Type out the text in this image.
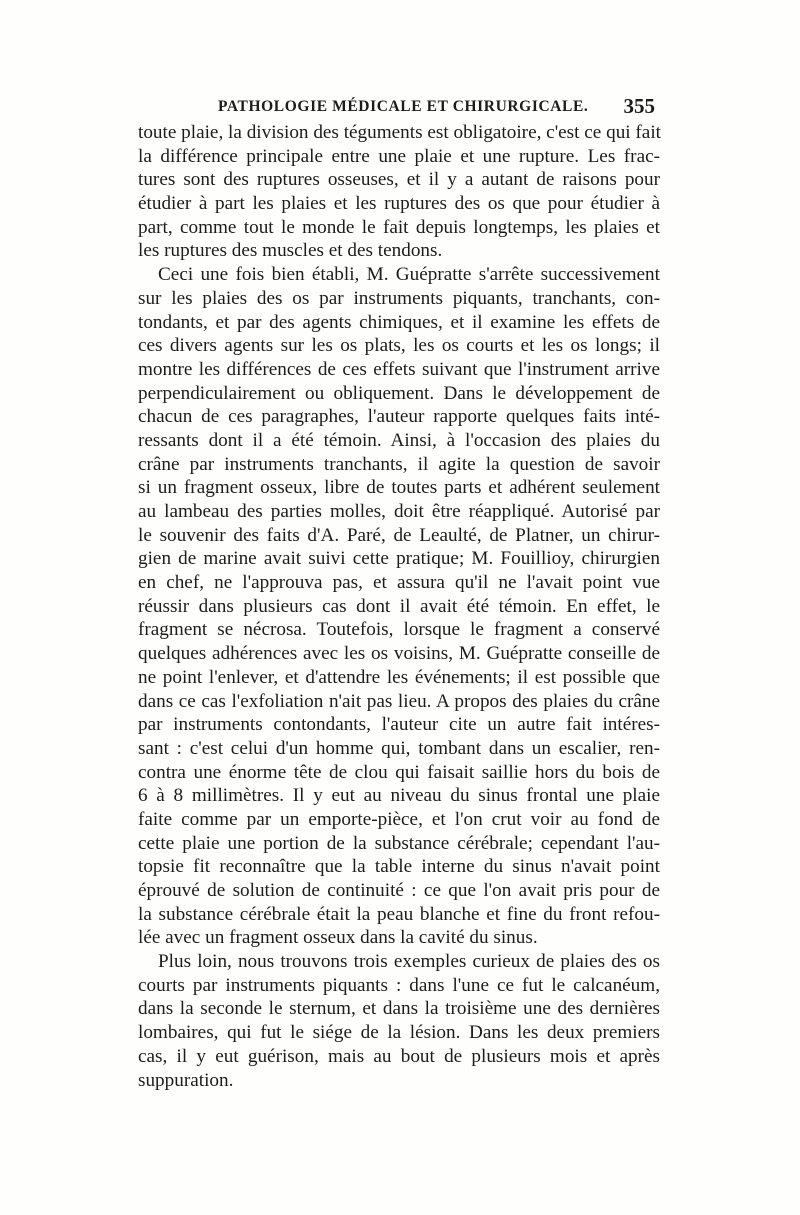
PATHOLOGIE MÉDICALE ET CHIRURGICALE. 355
toute plaie, la division des téguments est obligatoire, c'est ce qui fait
la différence principale entre une plaie et une rupture. Les frac-
tures sont des ruptures osseuses, et il y a autant de raisons pour
étudier à part les plaies et les ruptures des os que pour étudier à
part, comme tout le monde le fait depuis longtemps, les plaies et
les ruptures des muscles et des tendons.
Ceci une fois bien établi, M. Guépratte s'arrête successivement
sur les plaies des os par instruments piquants, tranchants, con-
tondants, et par des agents chimiques, et il examine les effets de
ces divers agents sur les os plats, les os courts et les os longs; il
montre les différences de ces effets suivant que l'instrument arrive
perpendiculairement ou obliquement. Dans le développement de
chacun de ces paragraphes, l'auteur rapporte quelques faits inté-
ressants dont il a été témoin. Ainsi, à l'occasion des plaies du
crâne par instruments tranchants, il agite la question de savoir
si un fragment osseux, libre de toutes parts et adhérent seulement
au lambeau des parties molles, doit être réappliqué. Autorisé par
le souvenir des faits d'A. Paré, de Leaulté, de Platner, un chirur-
gien de marine avait suivi cette pratique; M. Fouillioy, chirurgien
en chef, ne l'approuva pas, et assura qu'il ne l'avait point vue
réussir dans plusieurs cas dont il avait été témoin. En effet, le
fragment se nécrosa. Toutefois, lorsque le fragment a conservé
quelques adhérences avec les os voisins, M. Guépratte conseille de
ne point l'enlever, et d'attendre les événements; il est possible que
dans ce cas l'exfoliation n'ait pas lieu. A propos des plaies du crâne
par instruments contondants, l'auteur cite un autre fait intéres-
sant : c'est celui d'un homme qui, tombant dans un escalier, ren-
contra une énorme tête de clou qui faisait saillie hors du bois de
6 à 8 millimètres. Il y eut au niveau du sinus frontal une plaie
faite comme par un emporte-pièce, et l'on crut voir au fond de
cette plaie une portion de la substance cérébrale; cependant l'au-
topsie fit reconnaître que la table interne du sinus n'avait point
éprouvé de solution de continuité : ce que l'on avait pris pour de
la substance cérébrale était la peau blanche et fine du front refou-
lée avec un fragment osseux dans la cavité du sinus.
Plus loin, nous trouvons trois exemples curieux de plaies des os
courts par instruments piquants : dans l'une ce fut le calcanéum,
dans la seconde le sternum, et dans la troisième une des dernières
lombaires, qui fut le siége de la lésion. Dans les deux premiers
cas, il y eut guérison, mais au bout de plusieurs mois et après
suppuration.
